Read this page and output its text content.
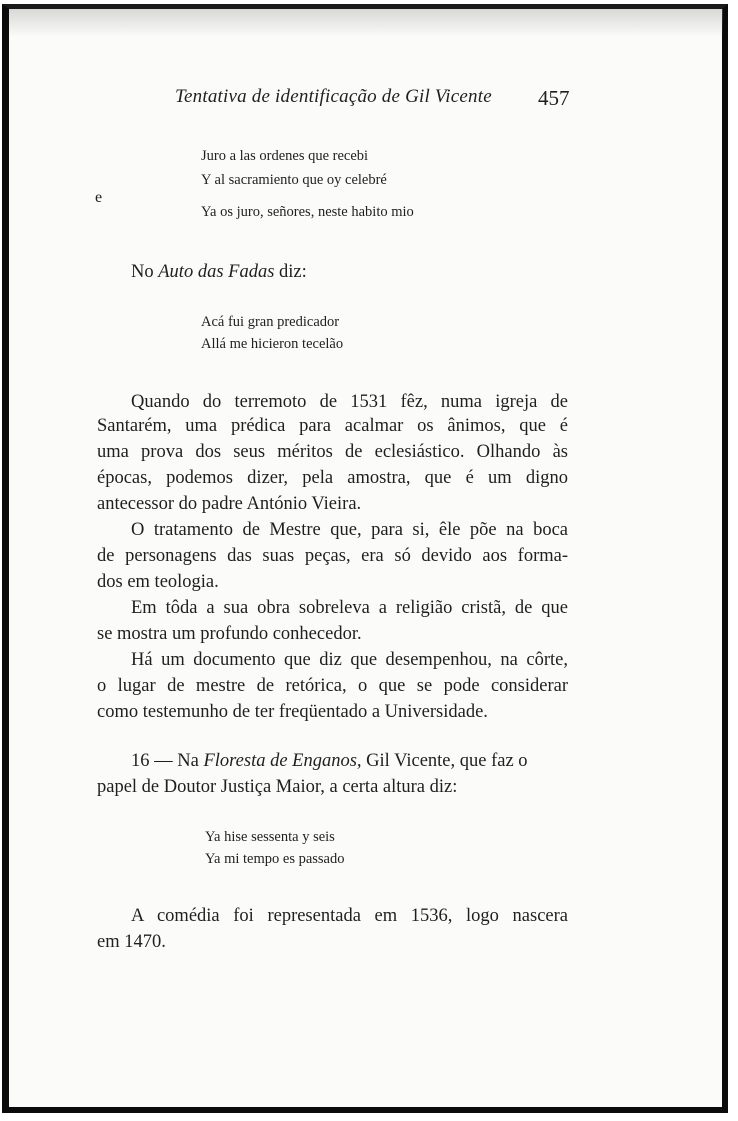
Tentativa de identificação de Gil Vicente 457
Juro a las ordenes que recebi
Y al sacramiento que oy celebré
e
Ya os juro, señores, neste habito mio
No Auto das Fadas diz:
Acá fui gran predicador
Allá me hicieron tecelão
Quando do terremoto de 1531 fêz, numa igreja de
Santarém, uma prédica para acalmar os ânimos, que é
uma prova dos seus méritos de eclesiástico. Olhando às
épocas, podemos dizer, pela amostra, que é um digno
antecessor do padre António Vieira.
O tratamento de Mestre que, para si, êle põe na boca
de personagens das suas peças, era só devido aos forma-
dos em teologia.
Em tôda a sua obra sobreleva a religião cristã, de que
se mostra um profundo conhecedor.
Há um documento que diz que desempenhou, na côrte,
o lugar de mestre de retórica, o que se pode considerar
como testemunho de ter freqüentado a Universidade.
16 — Na Floresta de Enganos, Gil Vicente, que faz o
papel de Doutor Justiça Maior, a certa altura diz:
Ya hise sessenta y seis
Ya mi tempo es passado
A comédia foi representada em 1536, logo nascera
em 1470.
